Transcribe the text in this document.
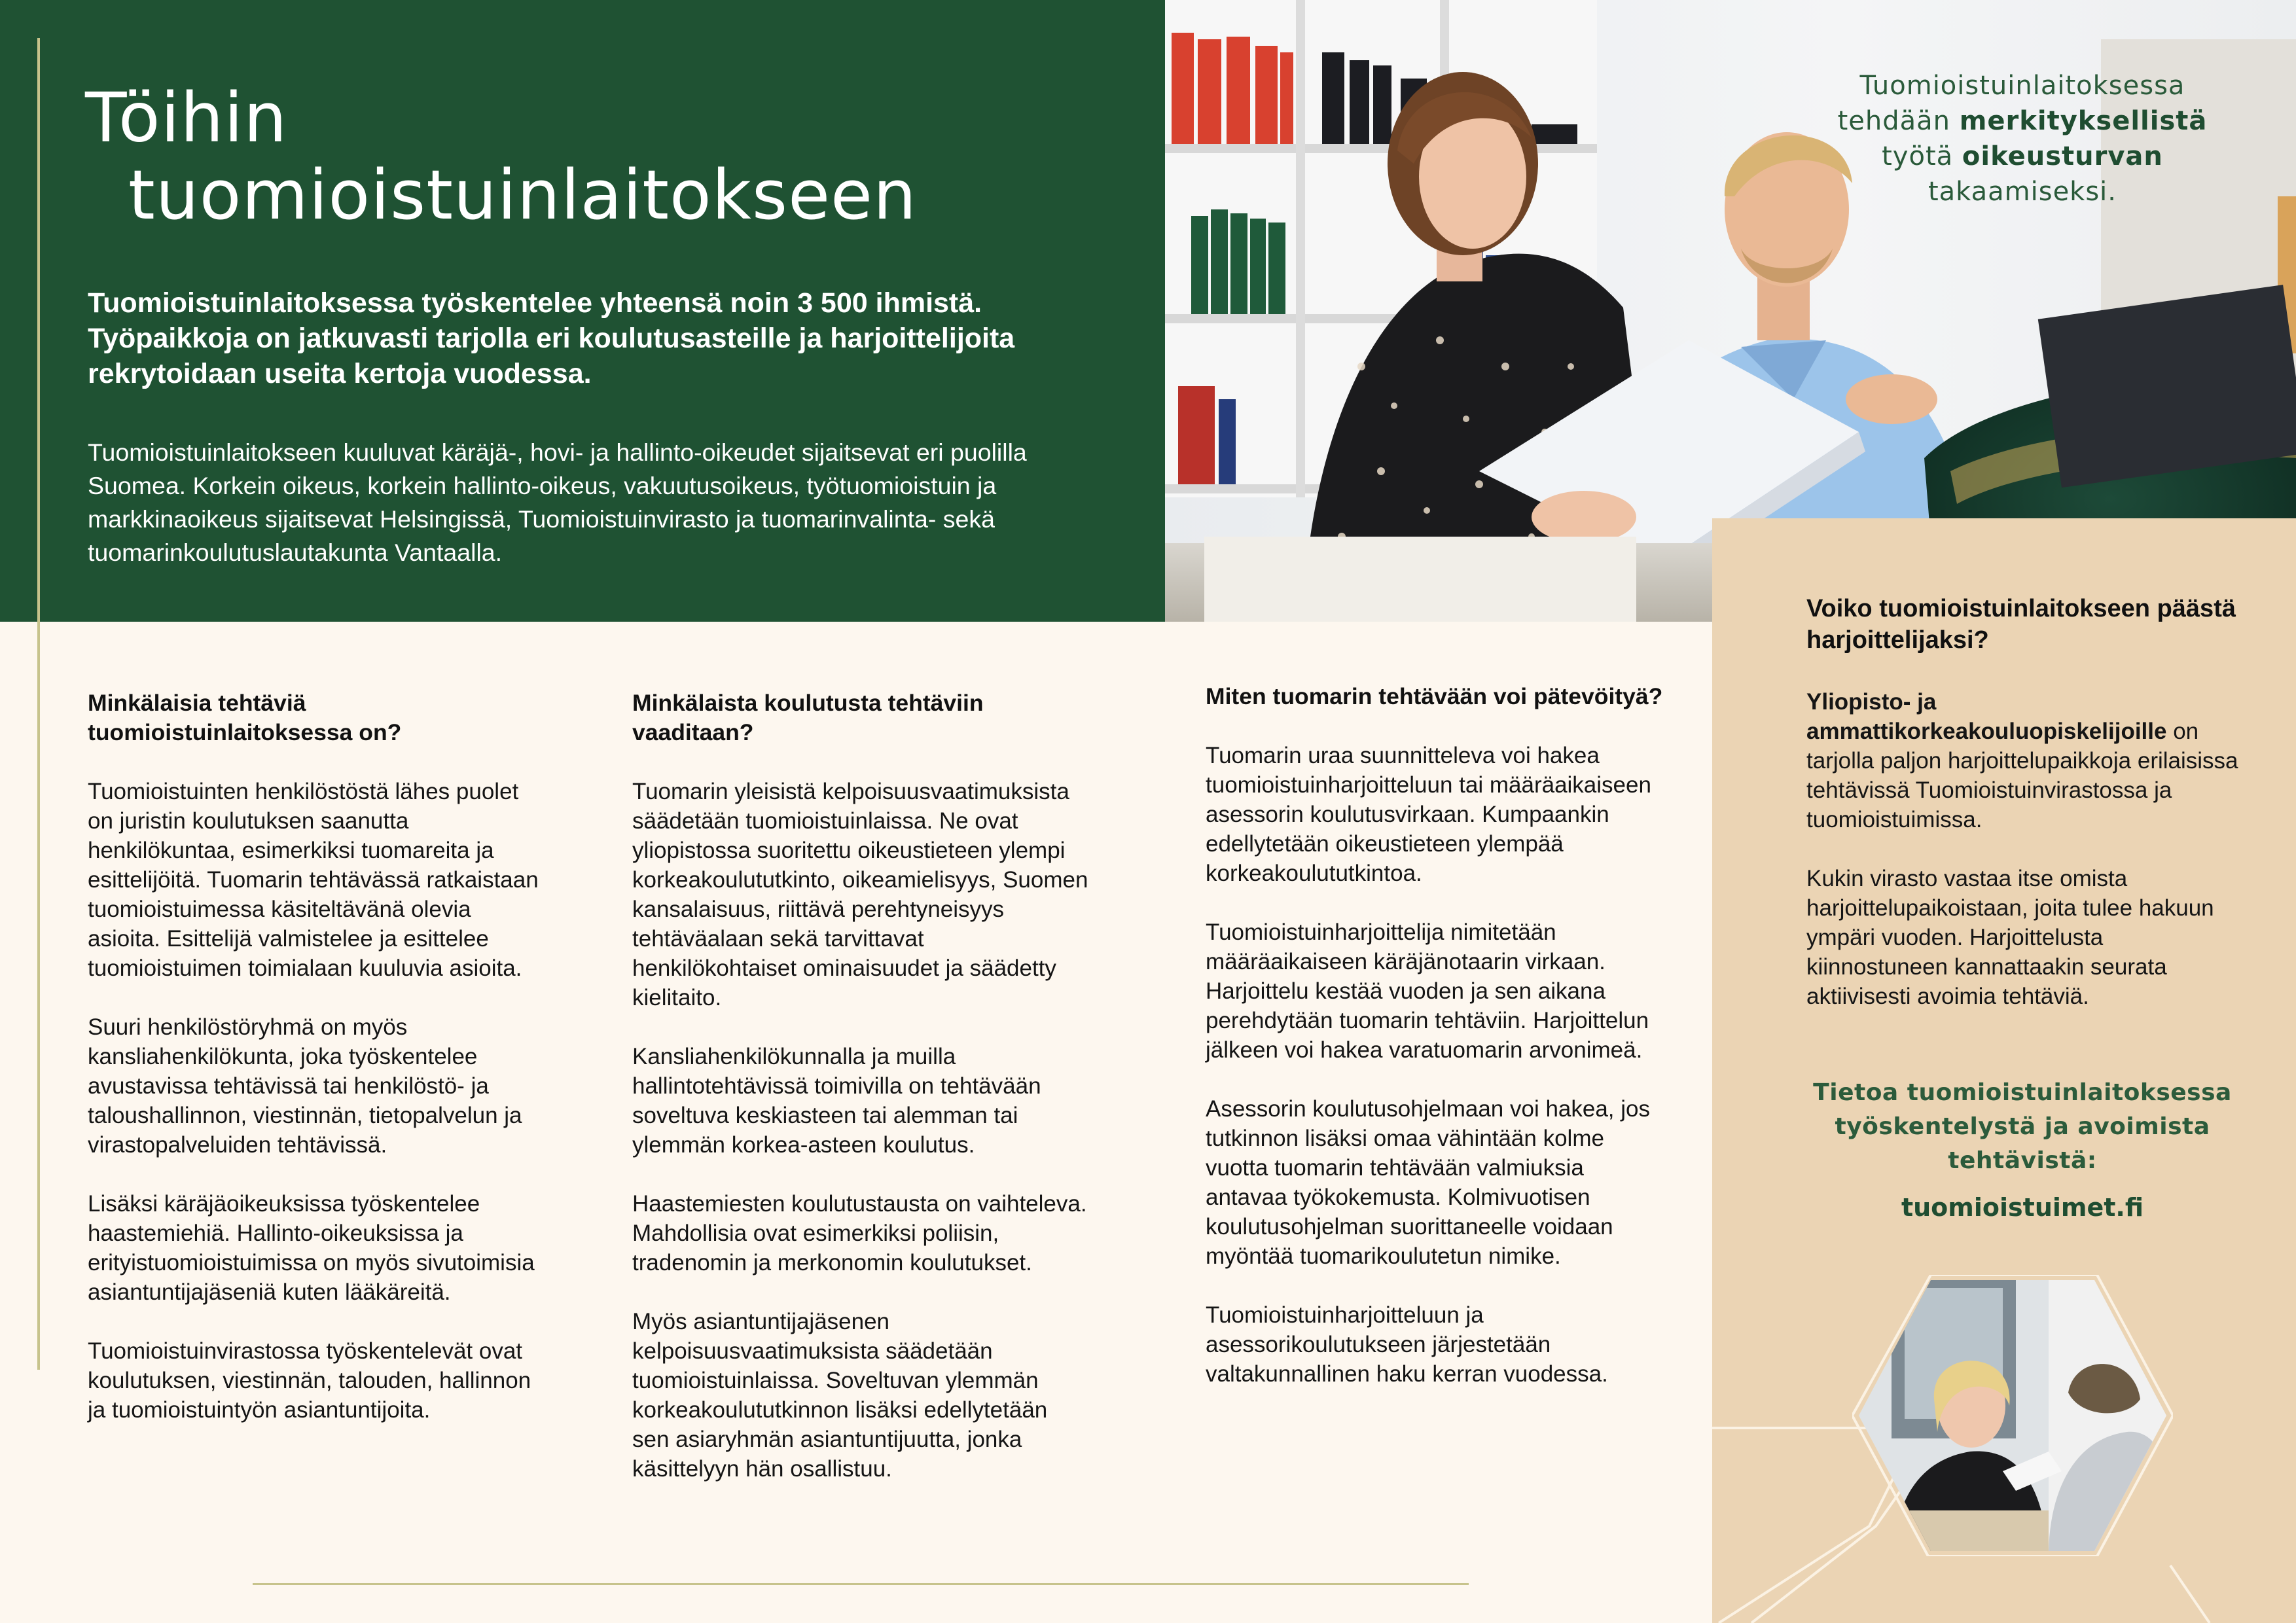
Töihin
tuomioistuinlaitokseen

Tuomioistuinlaitoksessa työskentelee yhteensä noin 3 500 ihmistä. Työpaikkoja on jatkuvasti tarjolla eri koulutusasteille ja harjoittelijoita rekrytoidaan useita kertoja vuodessa.

Tuomioistuinlaitokseen kuuluvat käräjä-, hovi- ja hallinto-oikeudet sijaitsevat eri puolilla Suomea. Korkein oikeus, korkein hallinto-oikeus, vakuutusoikeus, työtuomioistuin ja markkinaoikeus sijaitsevat Helsingissä, Tuomioistuinvirasto ja tuomarinvalinta- sekä tuomarinkoulutuslautakunta Vantaalla.

Tuomioistuinlaitoksessa
tehdään merkityksellistä
työtä oikeusturvan
takaamiseksi.

Voiko tuomioistuinlaitokseen päästä harjoittelijaksi?

Yliopisto- ja ammattikorkeakouluopiskelijoille on tarjolla paljon harjoittelupaikkoja erilaisissa tehtävissä Tuomioistuinvirastossa ja tuomioistuimissa.

Kukin virasto vastaa itse omista harjoittelupaikoistaan, joita tulee hakuun ympäri vuoden. Harjoittelusta kiinnostuneen kannattaakin seurata aktiivisesti avoimia tehtäviä.

Tietoa tuomioistuinlaitoksessa työskentelystä ja avoimista tehtävistä:

tuomioistuimet.fi

Minkälaisia tehtäviä tuomioistuinlaitoksessa on?

Tuomioistuinten henkilöstöstä lähes puolet on juristin koulutuksen saanutta henkilökuntaa, esimerkiksi tuomareita ja esittelijöitä. Tuomarin tehtävässä ratkaistaan tuomioistuimessa käsiteltävänä olevia asioita. Esittelijä valmistelee ja esittelee tuomioistuimen toimialaan kuuluvia asioita.

Suuri henkilöstöryhmä on myös kansliahenkilökunta, joka työskentelee avustavissa tehtävissä tai henkilöstö- ja taloushallinnon, viestinnän, tietopalvelun ja virastopalveluiden tehtävissä.

Lisäksi käräjäoikeuksissa työskentelee haastemiehiä. Hallinto-oikeuksissa ja erityistuomioistuimissa on myös sivutoimisia asiantuntijajäseniä kuten lääkäreitä.

Tuomioistuinvirastossa työskentelevät ovat koulutuksen, viestinnän, talouden, hallinnon ja tuomioistuintyön asiantuntijoita.

Minkälaista koulutusta tehtäviin vaaditaan?

Tuomarin yleisistä kelpoisuusvaatimuksista säädetään tuomioistuinlaissa. Ne ovat yliopistossa suoritettu oikeustieteen ylempi korkeakoulututkinto, oikeamielisyys, Suomen kansalaisuus, riittävä perehtyneisyys tehtäväalaan sekä tarvittavat henkilökohtaiset ominaisuudet ja säädetty kielitaito.

Kansliahenkilökunnalla ja muilla hallintotehtävissä toimivilla on tehtävään soveltuva keskiasteen tai alemman tai ylemmän korkea-asteen koulutus.

Haastemiesten koulutustausta on vaihteleva. Mahdollisia ovat esimerkiksi poliisin, tradenomin ja merkonomin koulutukset.

Myös asiantuntijajäsenen kelpoisuusvaatimuksista säädetään tuomioistuinlaissa. Soveltuvan ylemmän korkeakoulututkinnon lisäksi edellytetään sen asiaryhmän asiantuntijuutta, jonka käsittelyyn hän osallistuu.

Miten tuomarin tehtävään voi pätevöityä?

Tuomarin uraa suunnitteleva voi hakea tuomioistuinharjoitteluun tai määräaikaiseen asessorin koulutusvirkaan. Kumpaankin edellytetään oikeustieteen ylempää korkeakoulututkintoa.

Tuomioistuinharjoittelija nimitetään määräaikaiseen käräjänotaarin virkaan. Harjoittelu kestää vuoden ja sen aikana perehdytään tuomarin tehtäviin. Harjoittelun jälkeen voi hakea varatuomarin arvonimeä.

Asessorin koulutusohjelmaan voi hakea, jos tutkinnon lisäksi omaa vähintään kolme vuotta tuomarin tehtävään valmiuksia antavaa työkokemusta. Kolmivuotisen koulutusohjelman suorittaneelle voidaan myöntää tuomarikoulutetun nimike.

Tuomioistuinharjoitteluun ja asessorikoulutukseen järjestetään valtakunnallinen haku kerran vuodessa.
